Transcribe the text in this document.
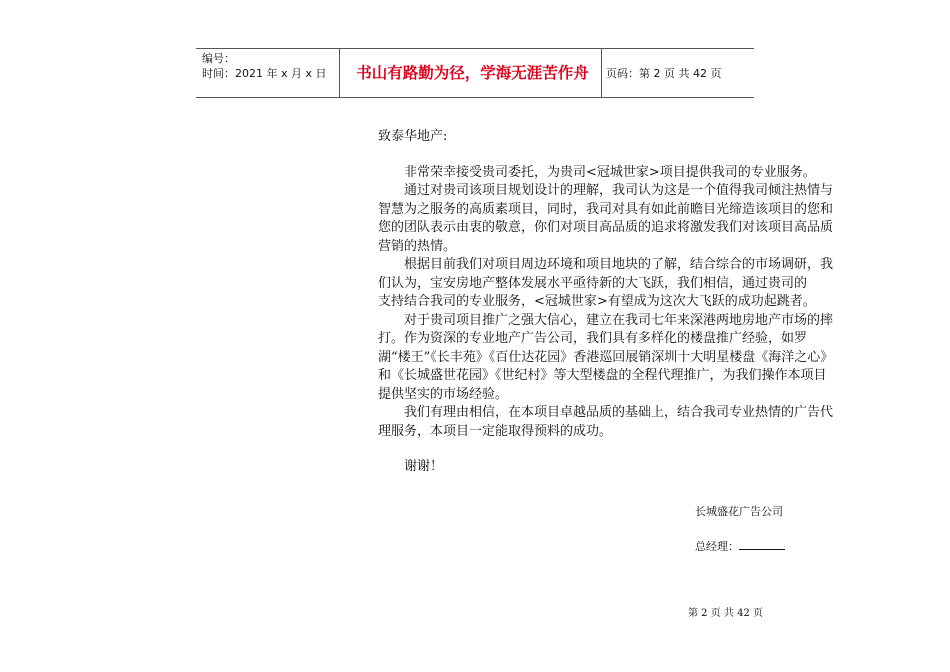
编号：
时间：2021 年 x 月 x 日	书山有路勤为径，学海无涯苦作舟	页码：第 2 页 共 42 页

致泰华地产:

非常荣幸接受贵司委托，为贵司<冠城世家>项目提供我司的专业服务。

通过对贵司该项目规划设计的理解，我司认为这是一个值得我司倾注热情与智慧为之服务的高质素项目，同时，我司对具有如此前瞻目光缔造该项目的您和您的团队表示由衷的敬意，你们对项目高品质的追求将激发我们对该项目高品质营销的热情。

根据目前我们对项目周边环境和项目地块的了解，结合综合的市场调研，我们认为，宝安房地产整体发展水平亟待新的大飞跃，我们相信，通过贵司的　　支持结合我司的专业服务，<冠城世家>有望成为这次大飞跃的成功起跳者。

对于贵司项目推广之强大信心，建立在我司七年来深港两地房地产市场的摔打。作为资深的专业地产广告公司，我们具有多样化的楼盘推广经验，如罗湖“楼王”《长丰苑》《百仕达花园》香港巡回展销深圳十大明星楼盘《海洋之心》和《长城盛世花园》《世纪村》等大型楼盘的全程代理推广，为我们操作本项目提供坚实的市场经验。

我们有理由相信，在本项目卓越品质的基础上，结合我司专业热情的广告代理服务，本项目一定能取得预料的成功。

谢谢！

长城盛花广告公司
总经理：
第 2 页 共 42 页
